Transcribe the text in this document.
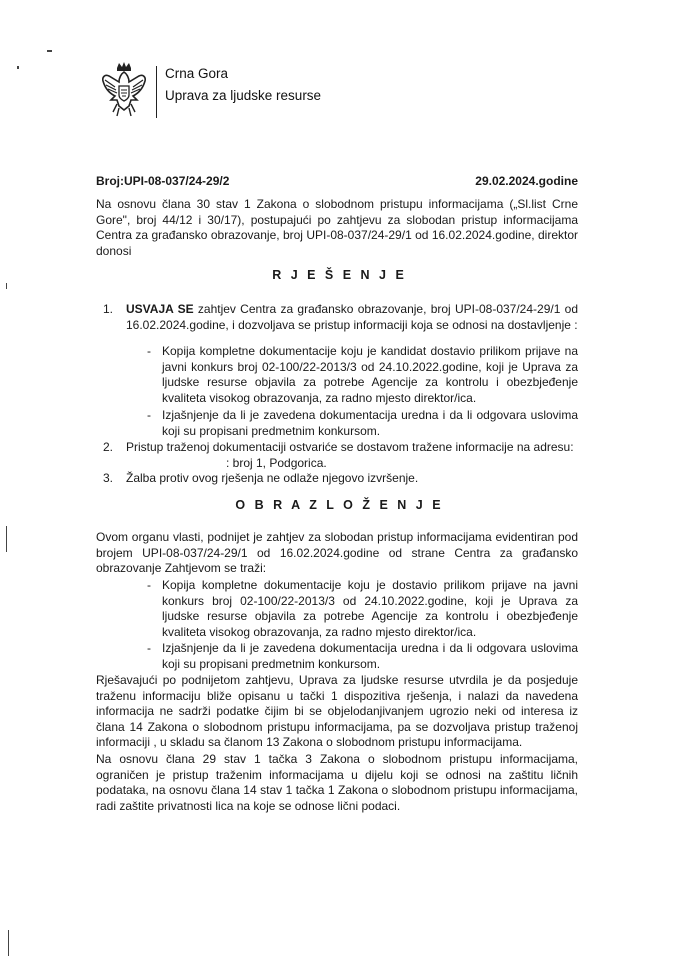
Crna Gora
Uprava za ljudske resurse
Broj:UPI-08-037/24-29/2	29.02.2024.godine
Na osnovu člana 30 stav 1 Zakona o slobodnom pristupu informacijama („Sl.list Crne Gore", broj 44/12 i 30/17), postupajući po zahtjevu za slobodan pristup informacijama Centra za građansko obrazovanje, broj UPI-08-037/24-29/1 od 16.02.2024.godine, direktor donosi
R J E Š E N J E
1.	USVAJA SE zahtjev Centra za građansko obrazovanje, broj UPI-08-037/24-29/1 od 16.02.2024.godine, i dozvoljava se pristup informaciji koja se odnosi na dostavljenje :
- Kopija kompletne dokumentacije koju je kandidat dostavio prilikom prijave na javni konkurs broj 02-100/22-2013/3 od 24.10.2022.godine, koji je Uprava za ljudske resurse objavila za potrebe Agencije za kontrolu i obezbjeđenje kvaliteta visokog obrazovanja, za radno mjesto direktor/ica.
- Izjašnjenje da li je zavedena dokumentacija uredna i da li odgovara uslovima koji su propisani predmetnim konkursom.
2.	Pristup traženoj dokumentaciji ostvariće se dostavom tražene informacije na adresu:
: broj 1, Podgorica.
3.	Žalba protiv ovog rješenja ne odlaže njegovo izvršenje.
O B R A Z L O Ž E N J E
Ovom organu vlasti, podnijet je zahtjev za slobodan pristup informacijama evidentiran pod brojem UPI-08-037/24-29/1 od 16.02.2024.godine od strane Centra za građansko obrazovanje Zahtjevom se traži:
- Kopija kompletne dokumentacije koju je dostavio prilikom prijave na javni konkurs broj 02-100/22-2013/3 od 24.10.2022.godine, koji je Uprava za ljudske resurse objavila za potrebe Agencije za kontrolu i obezbjeđenje kvaliteta visokog obrazovanja, za radno mjesto direktor/ica.
- Izjašnjenje da li je zavedena dokumentacija uredna i da li odgovara uslovima koji su propisani predmetnim konkursom.
Rješavajući po podnijetom zahtjevu, Uprava za ljudske resurse utvrdila je da posjeduje traženu informaciju bliže opisanu u tački 1 dispozitiva rješenja, i nalazi da navedena informacija ne sadrži podatke čijim bi se objelodanjivanjem ugrozio neki od interesa iz člana 14 Zakona o slobodnom pristupu informacijama, pa se dozvoljava pristup traženoj informaciji , u skladu sa članom 13 Zakona o slobodnom pristupu informacijama.
Na osnovu člana 29 stav 1 tačka 3 Zakona o slobodnom pristupu informacijama, ograničen je pristup traženim informacijama u dijelu koji se odnosi na zaštitu ličnih podataka, na osnovu člana 14 stav 1 tačka 1 Zakona o slobodnom pristupu informacijama, radi zaštite privatnosti lica na koje se odnose lični podaci.
